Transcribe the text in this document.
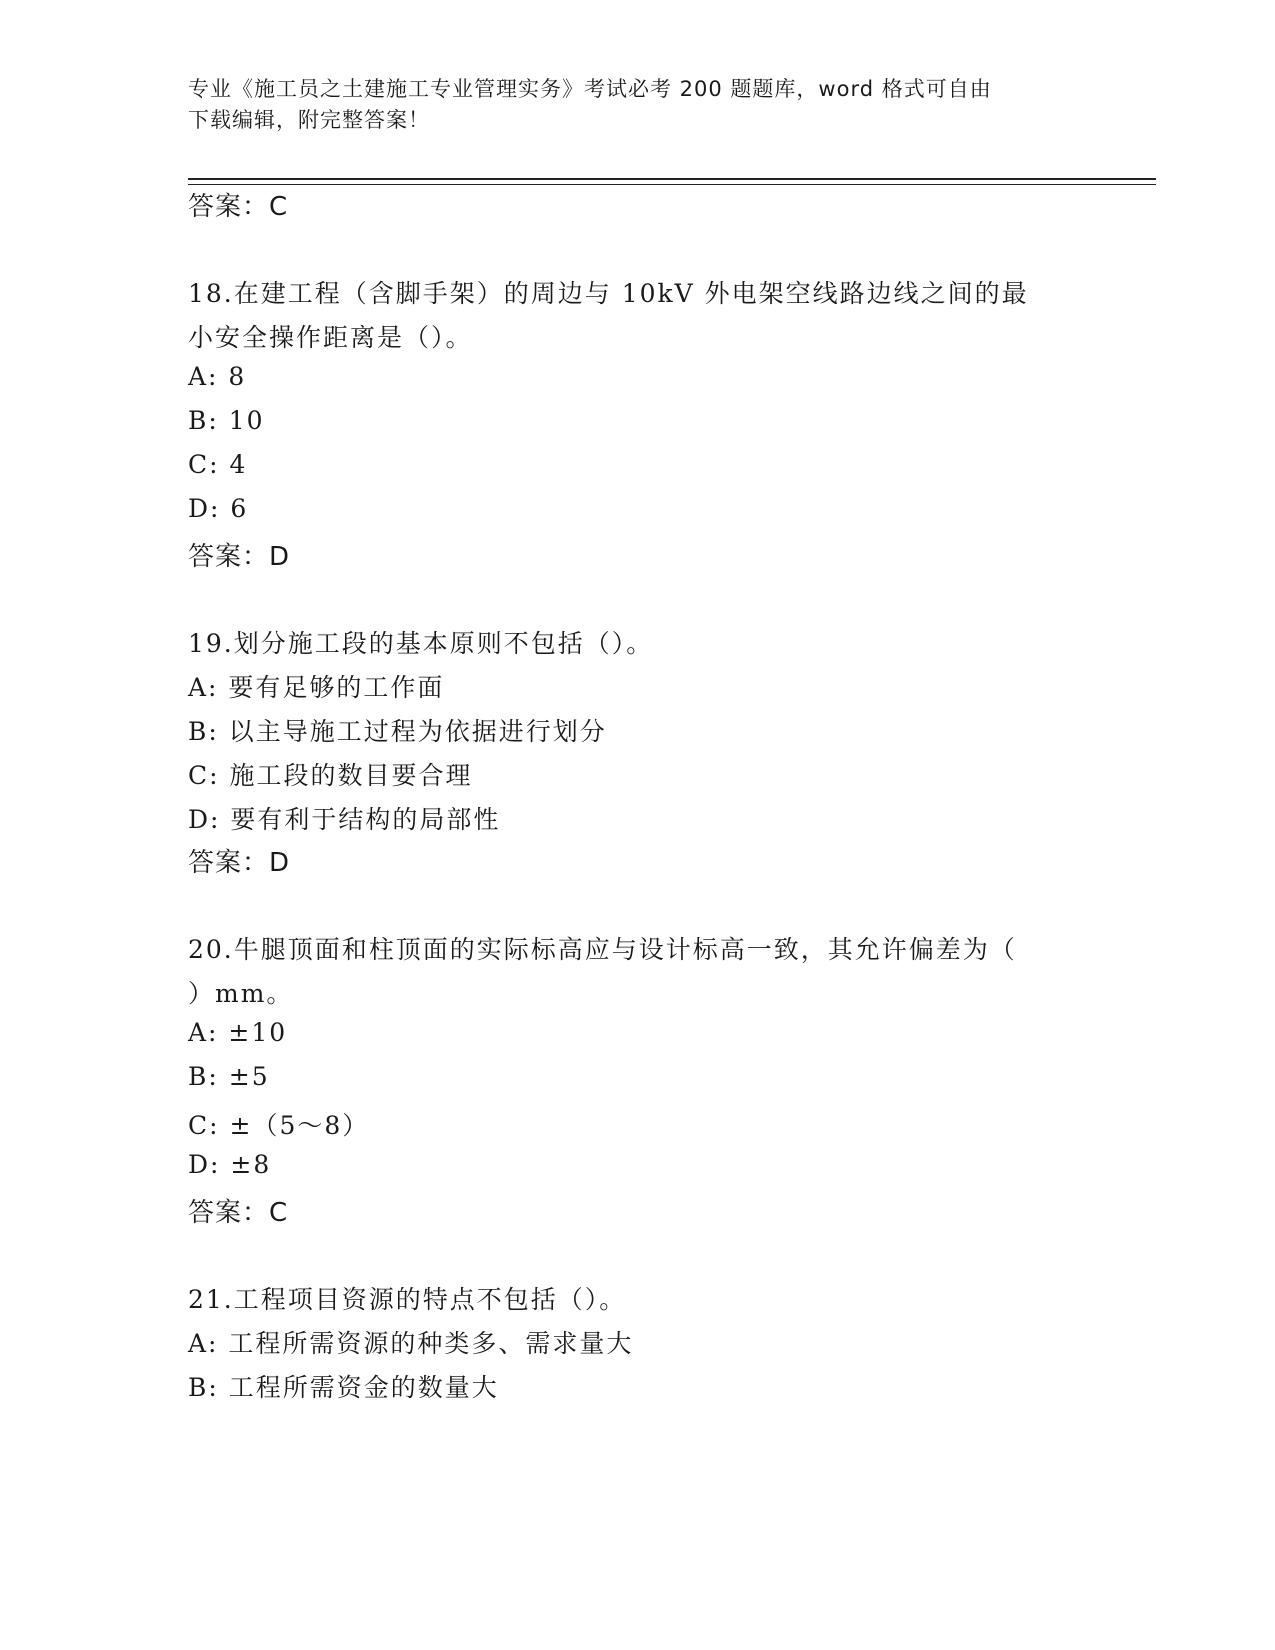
专业《施工员之土建施工专业管理实务》考试必考 200 题题库，word 格式可自由
下载编辑，附完整答案！
答案：C
18.在建工程（含脚手架）的周边与 10kV 外电架空线路边线之间的最
小安全操作距离是（）。
A: 8
B: 10
C: 4
D: 6
答案：D
19.划分施工段的基本原则不包括（）。
A: 要有足够的工作面
B: 以主导施工过程为依据进行划分
C: 施工段的数目要合理
D: 要有利于结构的局部性
答案：D
20.牛腿顶面和柱顶面的实际标高应与设计标高一致，其允许偏差为（
）mm。
A: ±10
B: ±5
C: ±（5～8）
D: ±8
答案：C
21.工程项目资源的特点不包括（）。
A: 工程所需资源的种类多、需求量大
B: 工程所需资金的数量大
